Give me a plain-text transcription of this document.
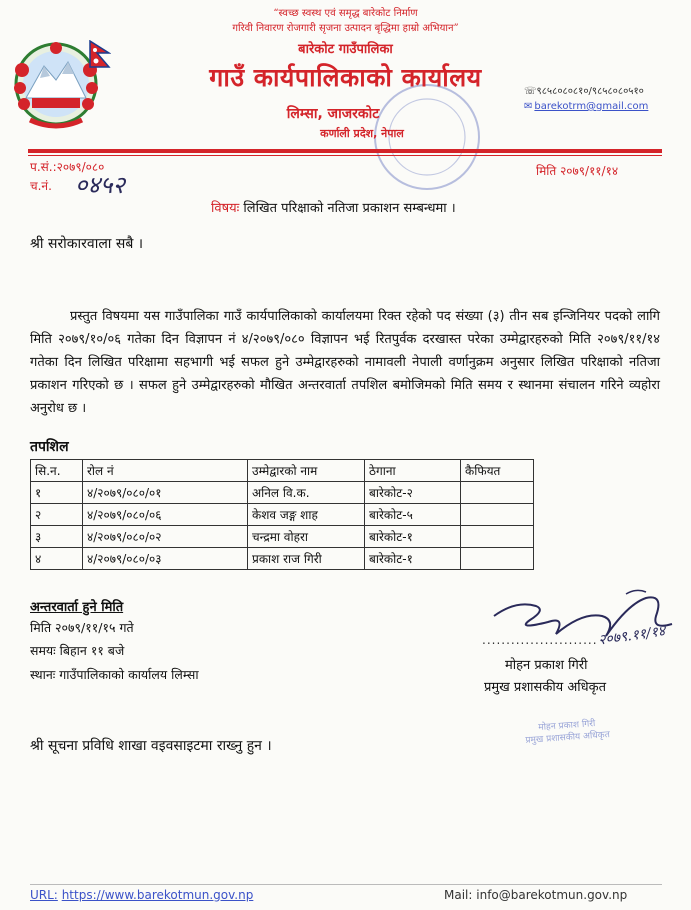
“स्वच्छ स्वस्थ एवं समृद्ध बारेकोट निर्माण
गरिवी निवारण रोजगारी सृजना उत्पादन बृद्धिमा हाम्रो अभियान”
बारेकोट गाउँपालिका
गाउँ कार्यपालिकाको कार्यालय
लिम्सा, जाजरकोट
कर्णाली प्रदेश, नेपाल
☏९८५८०८०८१०/९८५८०८०५१०
✉ barekotrm@gmail.com
प.सं.:२०७९/०८०
च.नं. ०४५२	मिति २०७९/११/१४
विषयः लिखित परिक्षाको नतिजा प्रकाशन सम्बन्धमा ।
श्री सरोकारवाला सबै ।
प्रस्तुत विषयमा यस गाउँपालिका गाउँ कार्यपालिकाको कार्यालयमा रिक्त रहेको पद संख्या (३) तीन सब इन्जिनियर पदको लागि मिति २०७९/१०/०६ गतेका दिन विज्ञापन नं ४/२०७९/०८० विज्ञापन भई रितपुर्वक दरखास्त परेका उम्मेद्वारहरुको मिति २०७९/११/१४ गतेका दिन लिखित परिक्षामा सहभागी भई सफल हुने उम्मेद्वारहरुको नामावली नेपाली वर्णानुक्रम अनुसार लिखित परिक्षाको नतिजा प्रकाशन गरिएको छ । सफल हुने उम्मेद्वारहरुको मौखित अन्तरवार्ता तपशिल बमोजिमको मिति समय र स्थानमा संचालन गरिने व्यहोरा अनुरोध छ ।
तपशिल
सि.न.	रोल नं	उम्मेद्वारको नाम	ठेगाना	कैफियत
१	४/२०७९/०८०/०१	अनिल वि.क.	बारेकोट-२	
२	४/२०७९/०८०/०६	केशव जङ्ग शाह	बारेकोट-५	
३	४/२०७९/०८०/०२	चन्द्रमा वोहरा	बारेकोट-१	
४	४/२०७९/०८०/०३	प्रकाश राज गिरी	बारेकोट-१	
अन्तरवार्ता हुने मिति
मिति २०७९/११/१५ गते
समयः बिहान ११ बजे
स्थानः गाउँपालिकाको कार्यालय लिम्सा
........................ २०७९.११/१४
मोहन प्रकाश गिरी
प्रमुख प्रशासकीय अधिकृत
मोहन प्रकाश गिरी
प्रमुख प्रशासकीय अधिकृत
श्री सूचना प्रविधि शाखा वइवसाइटमा राख्नु हुन ।
URL: https://www.barekotmun.gov.np	Mail: info@barekotmun.gov.np
